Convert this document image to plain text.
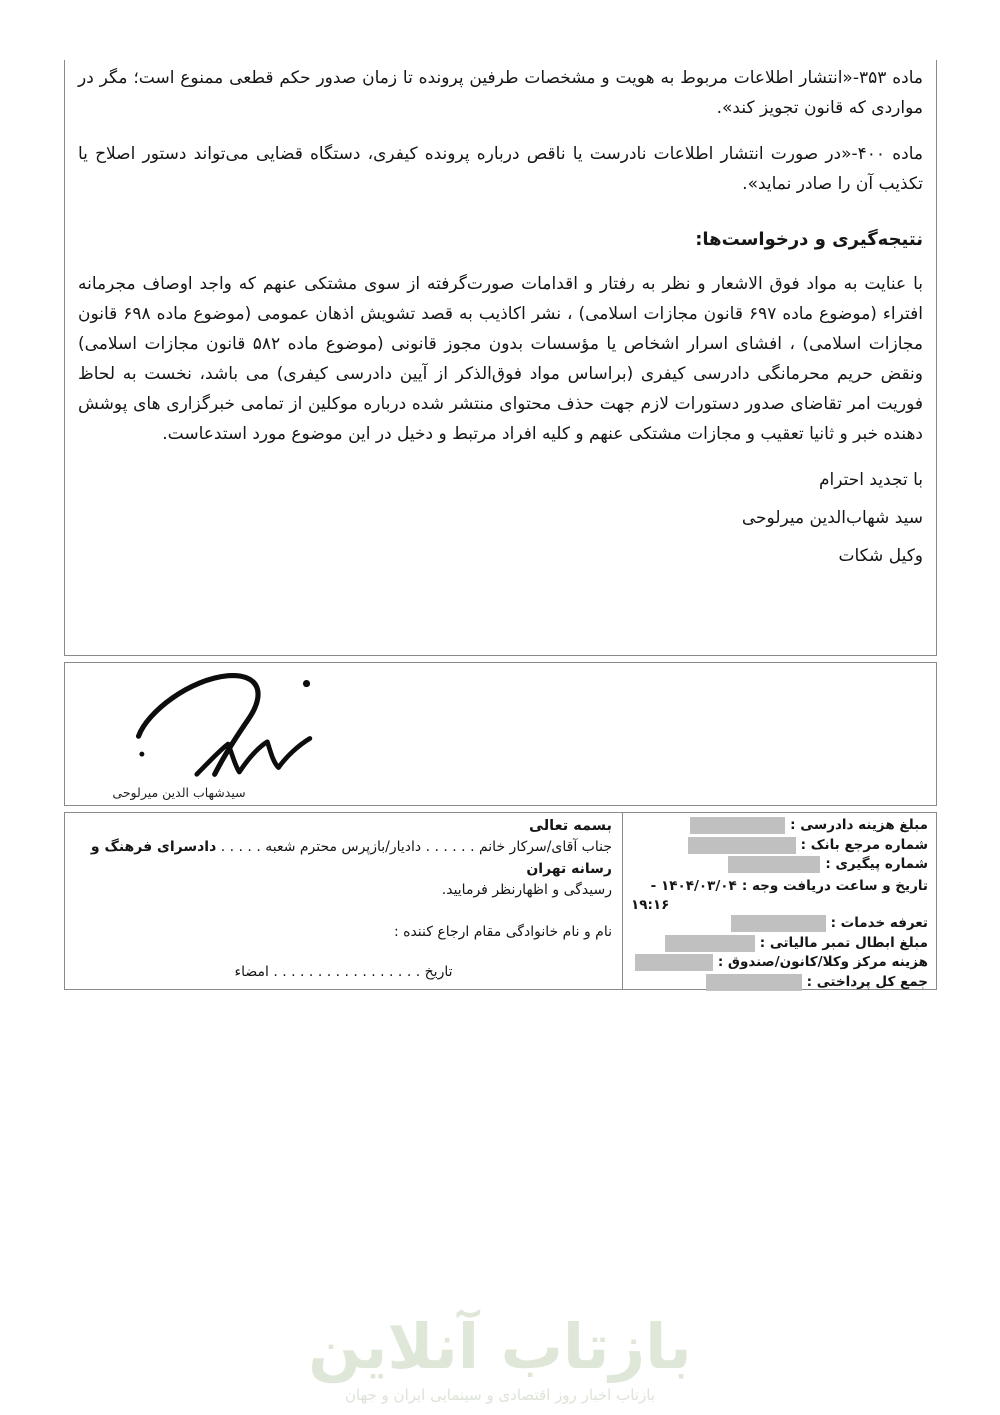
ماده ۳۵۳-«انتشار اطلاعات مربوط به هویت و مشخصات طرفین پرونده تا زمان صدور حکم قطعی ممنوع است؛ مگر در مواردی که قانون تجویز کند».

ماده ۴۰۰-«در صورت انتشار اطلاعات نادرست یا ناقص درباره پرونده کیفری، دستگاه قضایی می‌تواند دستور اصلاح یا تکذیب آن را صادر نماید».

نتیجه‌گیری و درخواست‌ها:

با عنایت به مواد فوق الاشعار و نظر به رفتار و اقدامات صورت‌گرفته از سوی مشتکی عنهم که واجد اوصاف مجرمانه افتراء (موضوع ماده ۶۹۷ قانون مجازات اسلامی) ، نشر اکاذیب به قصد تشویش اذهان عمومی (موضوع ماده ۶۹۸ قانون مجازات اسلامی) ، افشای اسرار اشخاص یا مؤسسات بدون مجوز قانونی (موضوع ماده ۵۸۲ قانون مجازات اسلامی) ونقض حریم محرمانگی دادرسی کیفری (براساس مواد فوق‌الذکر از آیین دادرسی کیفری) می باشد، نخست به لحاظ فوریت امر تقاضای صدور دستورات لازم جهت حذف محتوای منتشر شده درباره موکلین از تمامی خبرگزاری های پوشش دهنده خبر و ثانیا تعقیب و مجازات مشتکی عنهم و کلیه افراد مرتبط و دخیل در این موضوع مورد استدعاست.

با تجدید احترام

سید شهاب‌الدین میرلوحی

وکیل شکات

سیدشهاب الدین میرلوحی
مبلغ هزینه دادرسی :
شماره مرجع بانک :
شماره پیگیری :
تاریخ و ساعت دریافت وجه : ۱۴۰۴/۰۳/۰۴ -
۱۹:۱۶
تعرفه خدمات :
مبلغ ابطال تمبر مالیاتی :
هزینه مرکز وکلا/کانون/صندوق :
جمع کل پرداختی :
بسمه تعالی
جناب آقای/سرکار خانم . . . . . . دادیار/بازپرس محترم شعبه . . . . . دادسرای فرهنگ و رسانه تهران
رسیدگی و اظهارنظر فرمایید.
نام و نام خانوادگی مقام ارجاع کننده :
تاریخ . . . . . . . . . . . . . . . . . امضاء
بازتاب آنلاین
بازتاب اخبار روز اقتصادی و سینمایی ایران و جهان
